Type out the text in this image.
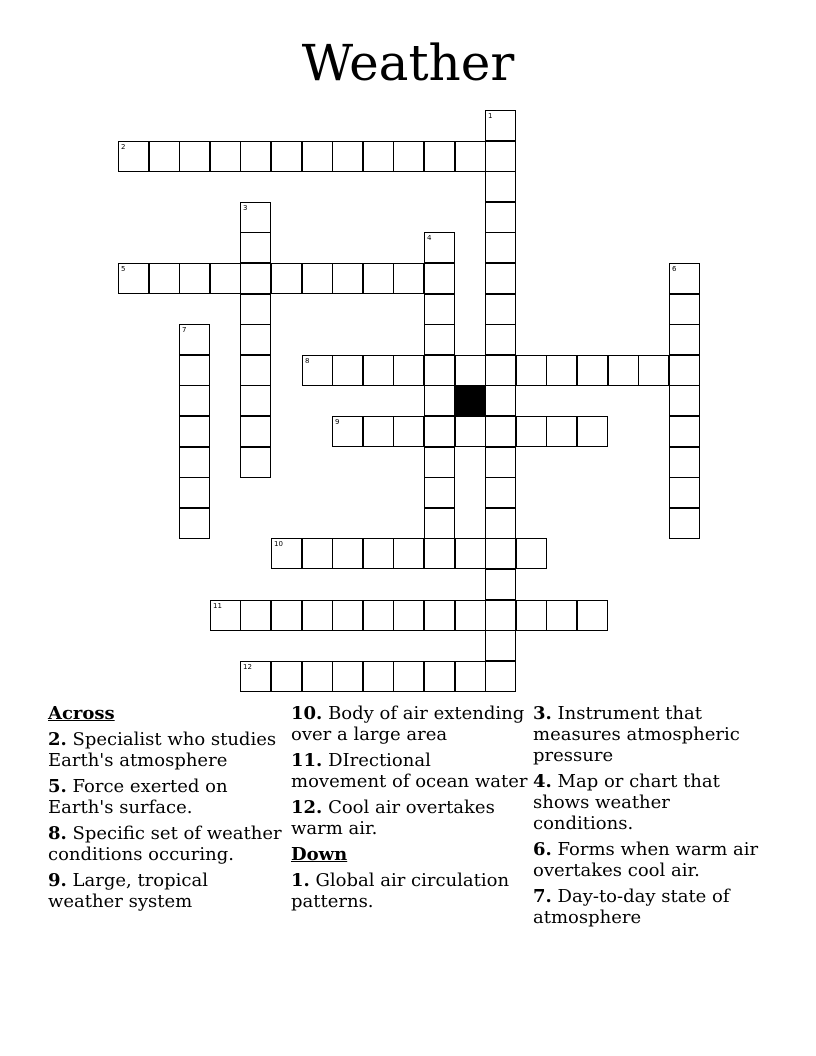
Weather
1
2
3
4
5	6
7
8
9
10
11
12
Across
2. Specialist who studies Earth's atmosphere
5. Force exerted on Earth's surface.
8. Specific set of weather conditions occuring.
9. Large, tropical weather system
10. Body of air extending over a large area
11. DIrectional movement of ocean water
12. Cool air overtakes warm air.
Down
1. Global air circulation patterns.
3. Instrument that measures atmospheric pressure
4. Map or chart that shows weather conditions.
6. Forms when warm air overtakes cool air.
7. Day-to-day state of atmosphere
